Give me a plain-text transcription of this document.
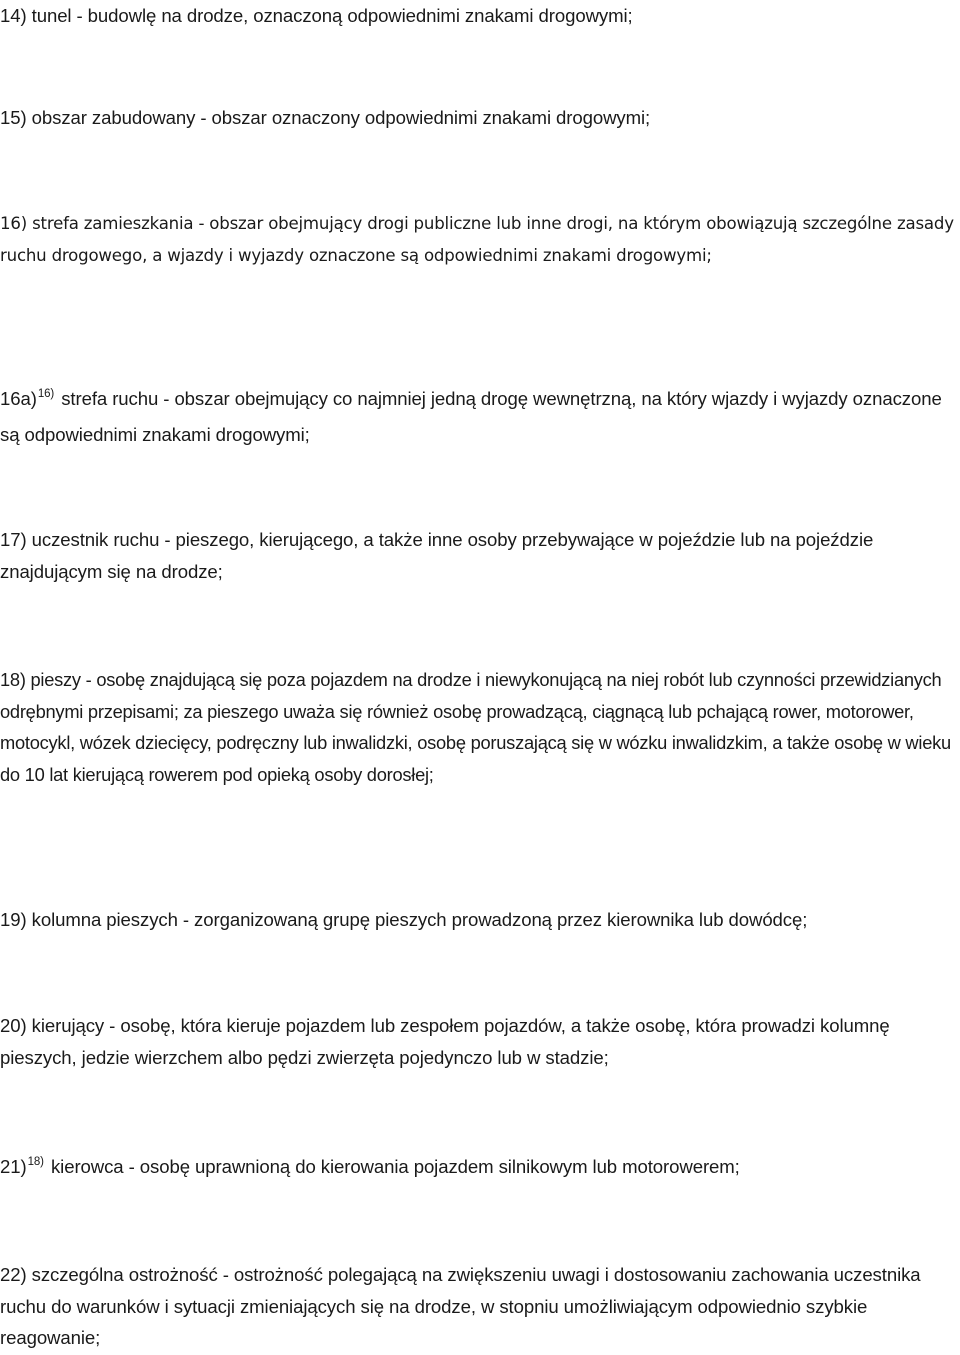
14) tunel - budowlę na drodze, oznaczoną odpowiednimi znakami drogowymi;

15) obszar zabudowany - obszar oznaczony odpowiednimi znakami drogowymi;

16) strefa zamieszkania - obszar obejmujący drogi publiczne lub inne drogi, na którym obowiązują szczególne zasady ruchu drogowego, a wjazdy i wyjazdy oznaczone są odpowiednimi znakami drogowymi;

16a)$^{16)}$ strefa ruchu - obszar obejmujący co najmniej jedną drogę wewnętrzną, na który wjazdy i wyjazdy oznaczone są odpowiednimi znakami drogowymi;

17) uczestnik ruchu - pieszego, kierującego, a także inne osoby przebywające w pojeździe lub na pojeździe znajdującym się na drodze;

18) pieszy - osobę znajdującą się poza pojazdem na drodze i niewykonującą na niej robót lub czynności przewidzianych odrębnymi przepisami; za pieszego uważa się również osobę prowadzącą, ciągnącą lub pchającą rower, motorower, motocykl, wózek dziecięcy, podręczny lub inwalidzki, osobę poruszającą się w wózku inwalidzkim, a także osobę w wieku do 10 lat kierującą rowerem pod opieką osoby dorosłej;

19) kolumna pieszych - zorganizowaną grupę pieszych prowadzoną przez kierownika lub dowódcę;

20) kierujący - osobę, która kieruje pojazdem lub zespołem pojazdów, a także osobę, która prowadzi kolumnę pieszych, jedzie wierzchem albo pędzi zwierzęta pojedynczo lub w stadzie;

21)$^{18)}$ kierowca - osobę uprawnioną do kierowania pojazdem silnikowym lub motorowerem;

22) szczególna ostrożność - ostrożność polegającą na zwiększeniu uwagi i dostosowaniu zachowania uczestnika ruchu do warunków i sytuacji zmieniających się na drodze, w stopniu umożliwiającym odpowiednio szybkie reagowanie;
